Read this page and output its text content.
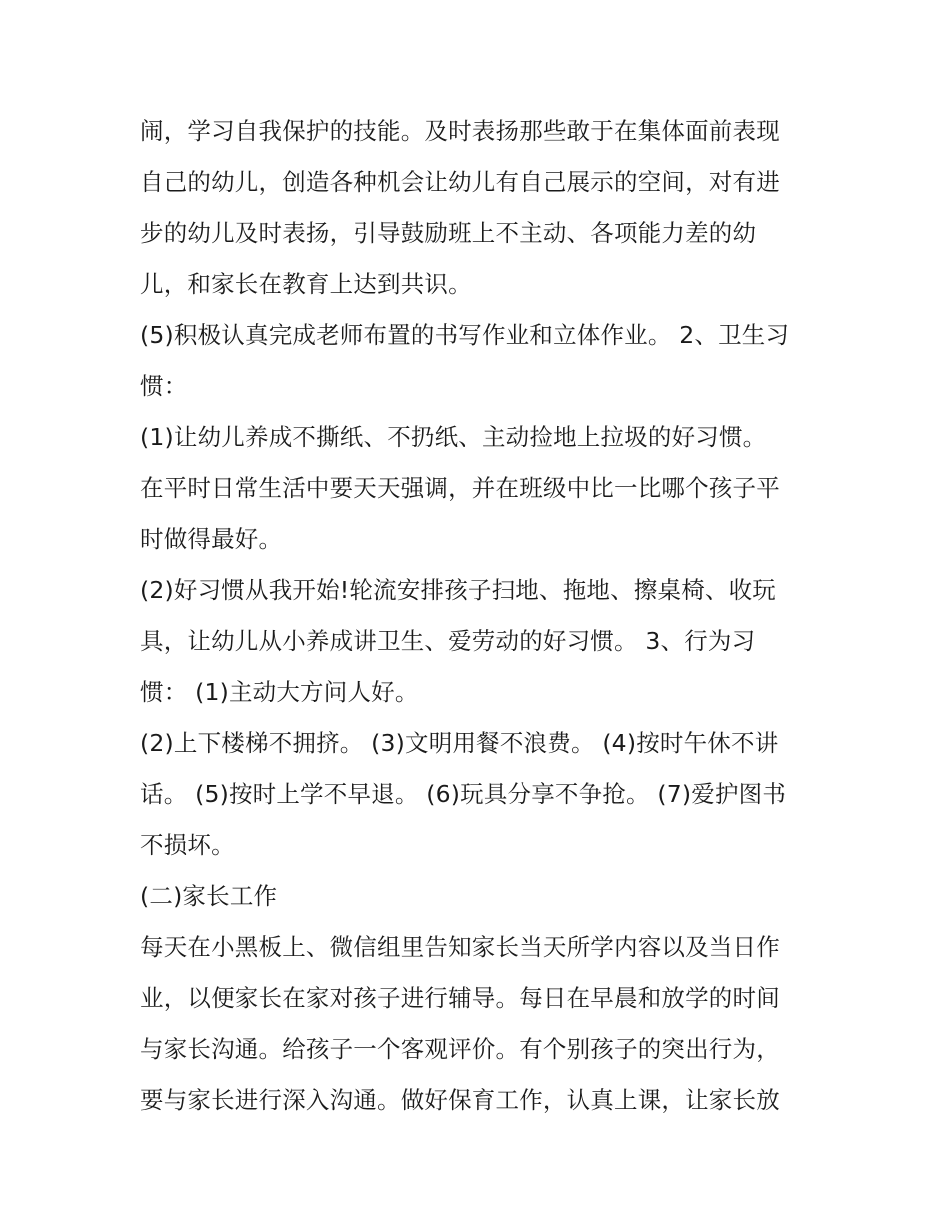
闹，学习自我保护的技能。及时表扬那些敢于在集体面前表现
自己的幼儿，创造各种机会让幼儿有自己展示的空间，对有进
步的幼儿及时表扬，引导鼓励班上不主动、各项能力差的幼
儿，和家长在教育上达到共识。
(5)积极认真完成老师布置的书写作业和立体作业。 2、卫生习
惯：
(1)让幼儿养成不撕纸、不扔纸、主动捡地上拉圾的好习惯。
在平时日常生活中要天天强调，并在班级中比一比哪个孩子平
时做得最好。
(2)好习惯从我开始!轮流安排孩子扫地、拖地、擦桌椅、收玩
具，让幼儿从小养成讲卫生、爱劳动的好习惯。 3、行为习
惯： (1)主动大方问人好。
(2)上下楼梯不拥挤。 (3)文明用餐不浪费。 (4)按时午休不讲
话。 (5)按时上学不早退。 (6)玩具分享不争抢。 (7)爱护图书
不损坏。
(二)家长工作
每天在小黑板上、微信组里告知家长当天所学内容以及当日作
业，以便家长在家对孩子进行辅导。每日在早晨和放学的时间
与家长沟通。给孩子一个客观评价。有个别孩子的突出行为，
要与家长进行深入沟通。做好保育工作，认真上课，让家长放
